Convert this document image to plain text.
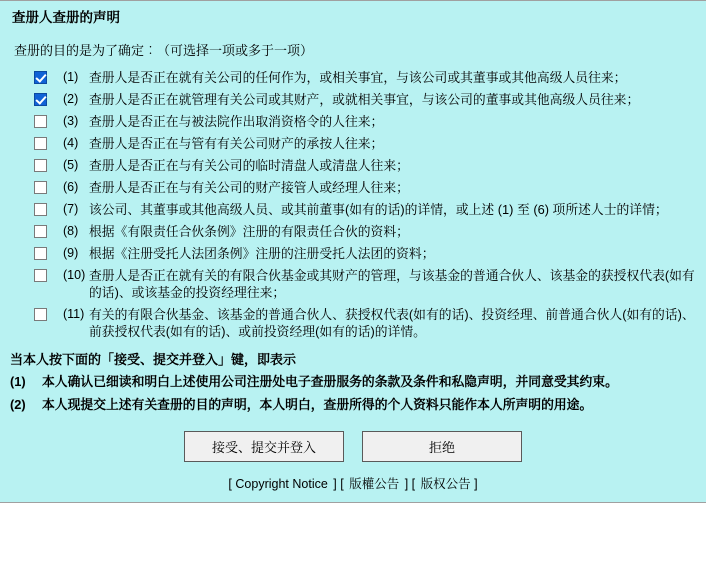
查册人查册的声明
查册的目的是为了确定︰（可选择一项或多于一项）
(1) 查册人是否正在就有关公司的任何作为，或相关事宜，与该公司或其董事或其他高级人员往来；
(2) 查册人是否正在就管理有关公司或其财产，或就相关事宜，与该公司的董事或其他高级人员往来；
(3) 查册人是否正在与被法院作出取消资格令的人往来；
(4) 查册人是否正在与管有有关公司财产的承按人往来；
(5) 查册人是否正在与有关公司的临时清盘人或清盘人往来；
(6) 查册人是否正在与有关公司的财产接管人或经理人往来；
(7) 该公司、其董事或其他高级人员、或其前董事(如有的话)的详情，或上述 (1) 至 (6) 项所述人士的详情；
(8) 根据《有限责任合伙条例》注册的有限责任合伙的资料；
(9) 根据《注册受托人法团条例》注册的注册受托人法团的资料；
(10) 查册人是否正在就有关的有限合伙基金或其财产的管理，与该基金的普通合伙人、该基金的获授权代表(如有的话)、或该基金的投资经理往来；
(11) 有关的有限合伙基金、该基金的普通合伙人、获授权代表(如有的话)、投资经理、前普通合伙人(如有的话)、前获授权代表(如有的话)、或前投资经理(如有的话)的详情。
当本人按下面的「接受、提交并登入」键，即表示
(1)	本人确认已细读和明白上述使用公司注册处电子查册服务的条款及条件和私隐声明，并同意受其约束。
(2)	本人现提交上述有关查册的目的声明，本人明白，查册所得的个人资料只能作本人所声明的用途。
接受、提交并登入	拒绝
[ Copyright Notice ] [ 版權公告 ] [ 版权公告 ]
